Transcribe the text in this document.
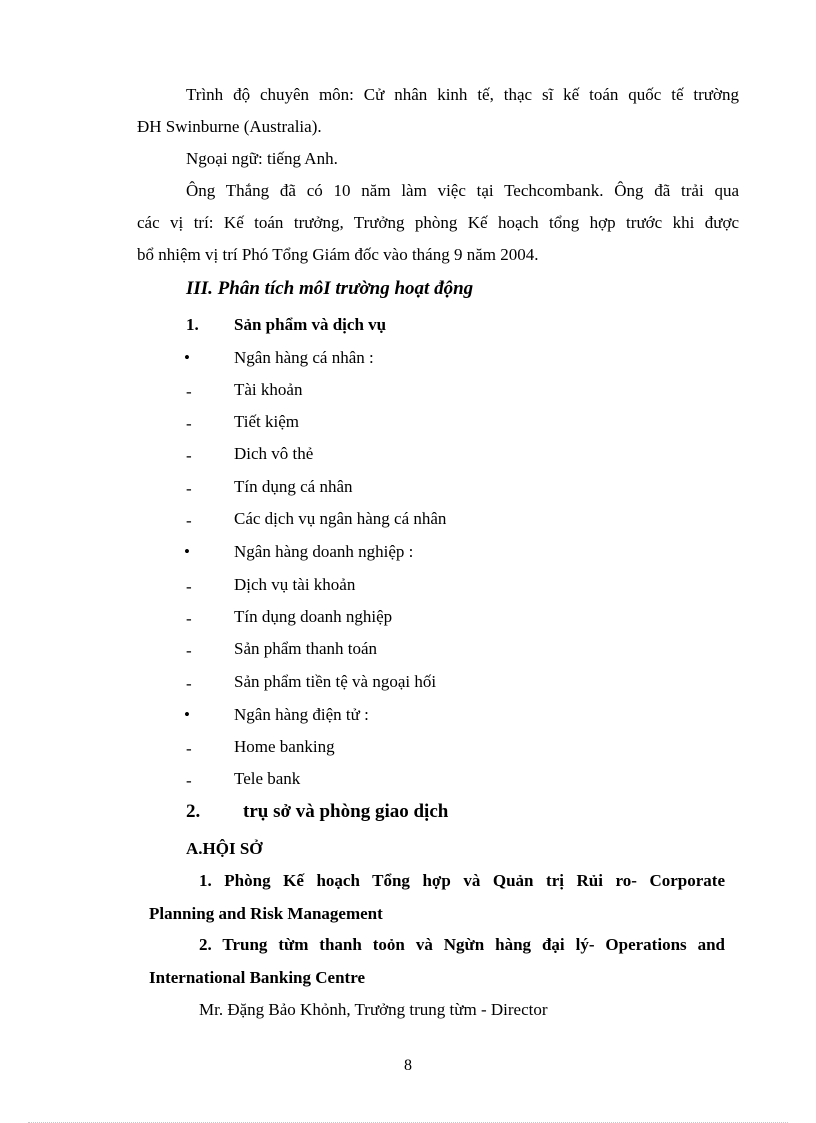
Trình độ chuyên môn: Cử nhân kinh tế, thạc sĩ kế toán quốc tế trường
ĐH Swinburne (Australia).
Ngoại ngữ: tiếng Anh.
Ông Thắng đã có 10 năm làm việc tại Techcombank. Ông đã trải qua
các vị trí: Kế toán trưởng, Trưởng phòng Kế hoạch tổng hợp trước khi được
bổ nhiệm vị trí Phó Tổng Giám đốc vào tháng 9 năm 2004.
III. Phân tích môI trường hoạt động
1. Sản phẩm và dịch vụ
•	Ngân hàng cá nhân :
- Tài khoản
- Tiết kiệm
- Dich vô thẻ
- Tín dụng cá nhân
- Các dịch vụ ngân hàng cá nhân
•	Ngân hàng doanh nghiệp :
- Dịch vụ tài khoản
- Tín dụng doanh nghiệp
- Sản phẩm thanh toán
- Sản phẩm tiền tệ và ngoại hối
•	Ngân hàng điện tử :
- Home banking
- Tele bank
2. trụ sở và phòng giao dịch
A.HỘI SỞ
1. Phòng Kế hoạch Tổng hợp và Quản trị Rủi ro- Corporate
Planning and Risk Management
2. Trung từm thanh toỏn và Ngừn hàng đại lý- Operations and
International Banking Centre
Mr. Đặng Bảo Khỏnh, Trưởng trung từm - Director
8
